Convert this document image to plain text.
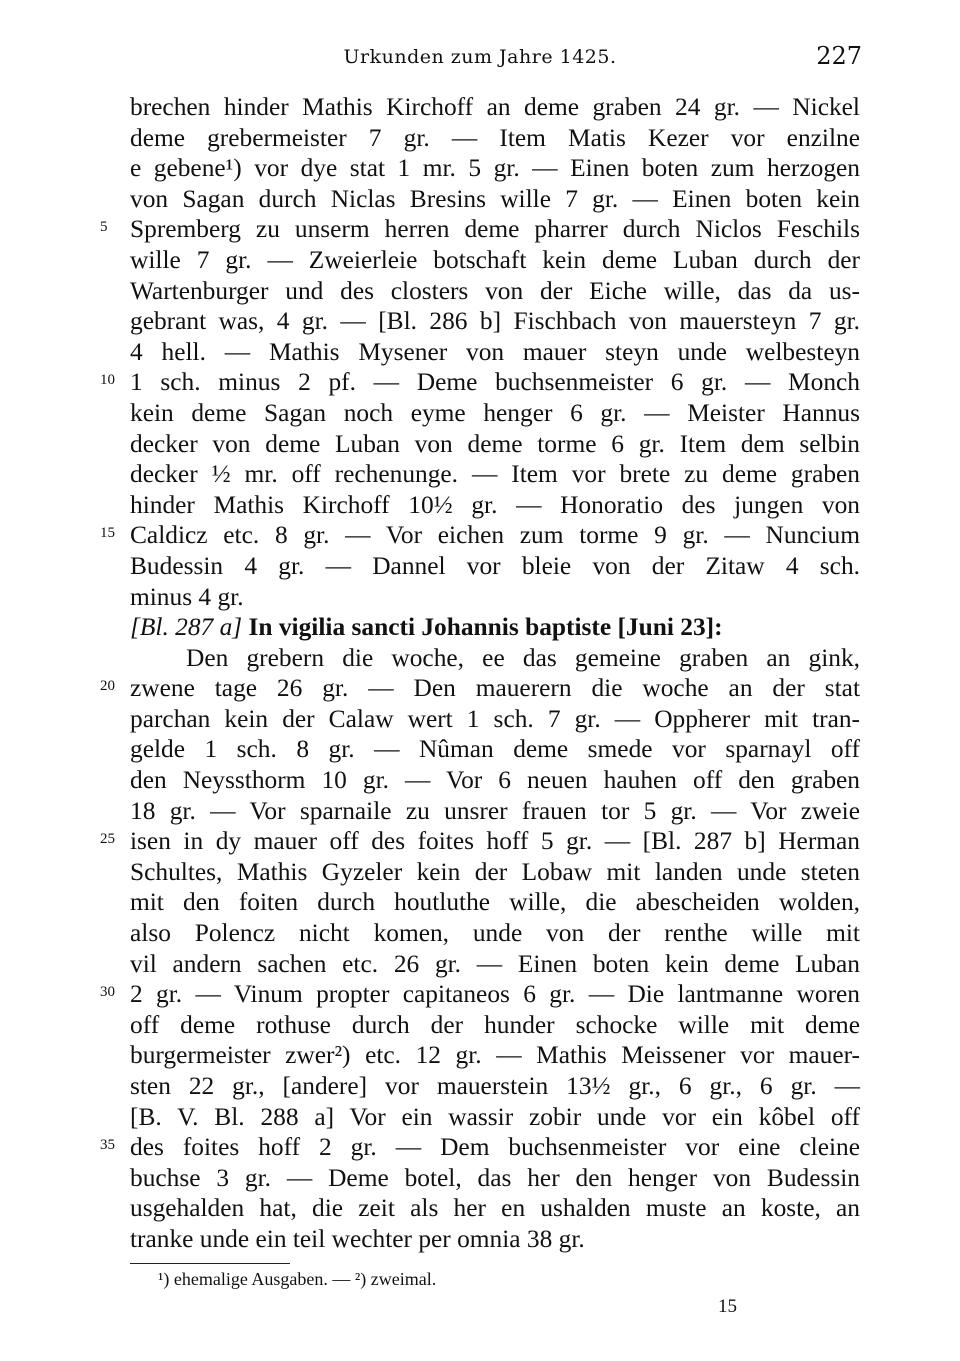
Urkunden zum Jahre 1425.	227
brechen hinder Mathis Kirchoff an deme graben 24 gr. — Nickel
deme grebermeister 7 gr. — Item Matis Kezer vor enzilne
e gebene¹) vor dye stat 1 mr. 5 gr. — Einen boten zum herzogen
von Sagan durch Niclas Bresins wille 7 gr. — Einen boten kein
5 Spremberg zu unserm herren deme pharrer durch Niclos Feschils
wille 7 gr. — Zweierleie botschaft kein deme Luban durch der
Wartenburger und des closters von der Eiche wille, das da us-
gebrant was, 4 gr. — [Bl. 286 b] Fischbach von mauersteyn 7 gr.
4 hell. — Mathis Mysener von mauer steyn unde welbesteyn
10 1 sch. minus 2 pf. — Deme buchsenmeister 6 gr. — Monch
kein deme Sagan noch eyme henger 6 gr. — Meister Hannus
decker von deme Luban von deme torme 6 gr. Item dem selbin
decker ½ mr. off rechenunge. — Item vor brete zu deme graben
hinder Mathis Kirchoff 10½ gr. — Honoratio des jungen von
15 Caldicz etc. 8 gr. — Vor eichen zum torme 9 gr. — Nuncium
Budessin 4 gr. — Dannel vor bleie von der Zitaw 4 sch.
minus 4 gr.
[Bl. 287 a] In vigilia sancti Johannis baptiste [Juni 23]:
Den grebern die woche, ee das gemeine graben an gink,
20 zwene tage 26 gr. — Den mauerern die woche an der stat
parchan kein der Calaw wert 1 sch. 7 gr. — Oppherer mit tran-
gelde 1 sch. 8 gr. — Nûman deme smede vor sparnayl off
den Neyssthorm 10 gr. — Vor 6 neuen hauhen off den graben
18 gr. — Vor sparnaile zu unsrer frauen tor 5 gr. — Vor zweie
25 isen in dy mauer off des foites hoff 5 gr. — [Bl. 287 b] Herman
Schultes, Mathis Gyzeler kein der Lobaw mit landen unde steten
mit den foiten durch houtluthe wille, die abescheiden wolden,
also Polencz nicht komen, unde von der renthe wille mit
vil andern sachen etc. 26 gr. — Einen boten kein deme Luban
30 2 gr. — Vinum propter capitaneos 6 gr. — Die lantmanne woren
off deme rothuse durch der hunder schocke wille mit deme
burgermeister zwer²) etc. 12 gr. — Mathis Meissener vor mauer-
sten 22 gr., [andere] vor mauerstein 13½ gr., 6 gr., 6 gr. —
[B. V. Bl. 288 a] Vor ein wassir zobir unde vor ein kôbel off
35 des foites hoff 2 gr. — Dem buchsenmeister vor eine cleine
buchse 3 gr. — Deme botel, das her den henger von Budessin
usgehalden hat, die zeit als her en ushalden muste an koste, an
tranke unde ein teil wechter per omnia 38 gr.
¹) ehemalige Ausgaben. — ²) zweimal.
15
